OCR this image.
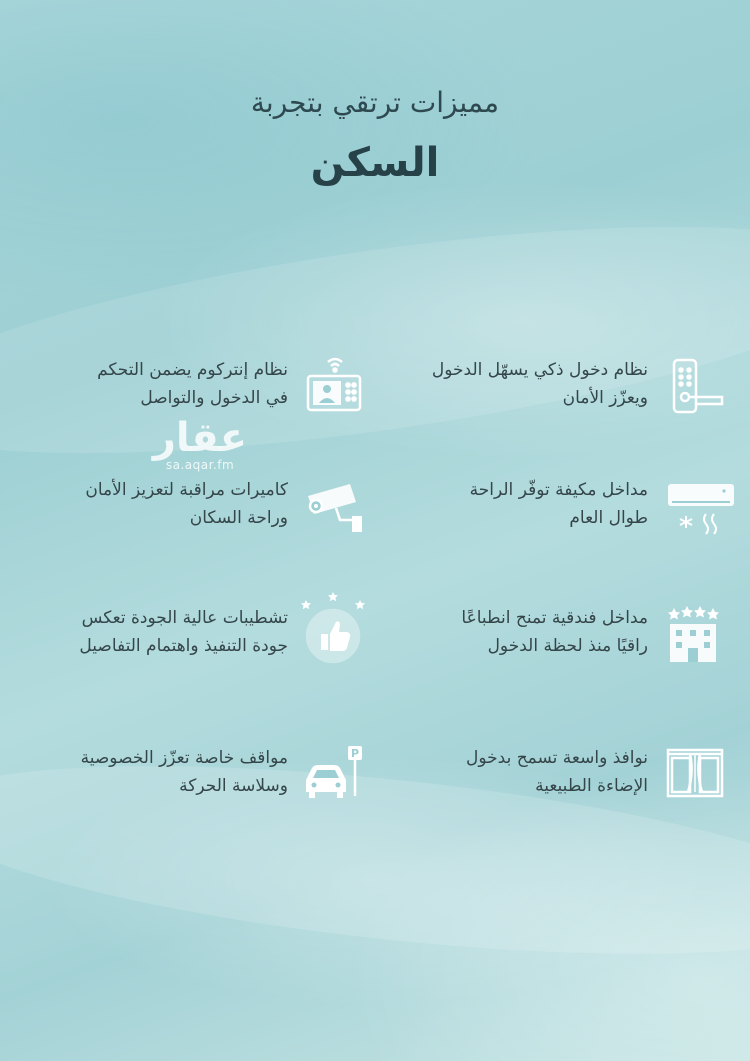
مميزات ترتقي بتجربة
السكن
نظام دخول ذكي يسهّل الدخول
ويعزّز الأمان
نظام إنتركوم يضمن التحكم
في الدخول والتواصل
مداخل مكيفة توفّر الراحة
طوال العام
كاميرات مراقبة لتعزيز الأمان
وراحة السكان
مداخل فندقية تمنح انطباعًا
راقيًا منذ لحظة الدخول
تشطيبات عالية الجودة تعكس
جودة التنفيذ واهتمام التفاصيل
نوافذ واسعة تسمح بدخول
الإضاءة الطبيعية
P
مواقف خاصة تعزّز الخصوصية
وسلاسة الحركة
عقار
sa.aqar.fm
